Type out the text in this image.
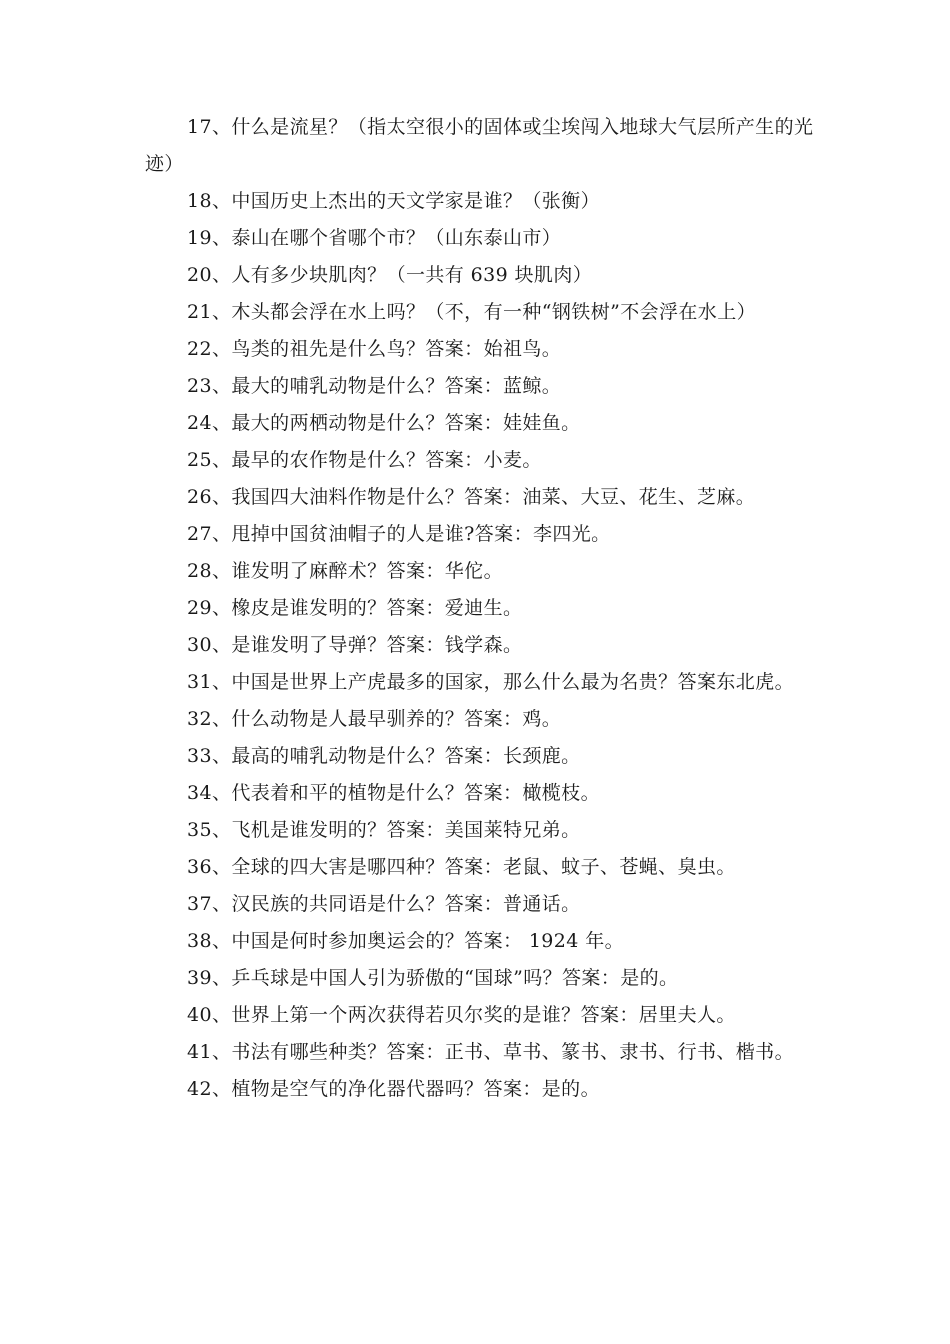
17、什么是流星？（指太空很小的固体或尘埃闯入地球大气层所产生的光迹）

18、中国历史上杰出的天文学家是谁？（张衡）

19、泰山在哪个省哪个市？（山东泰山市）

20、人有多少块肌肉？（一共有 639 块肌肉）

21、木头都会浮在水上吗？（不，有一种“钢铁树”不会浮在水上）

22、鸟类的祖先是什么鸟？答案：始祖鸟。

23、最大的哺乳动物是什么？答案：蓝鲸。

24、最大的两栖动物是什么？答案：娃娃鱼。

25、最早的农作物是什么？答案：小麦。

26、我国四大油料作物是什么？答案：油菜、大豆、花生、芝麻。

27、甩掉中国贫油帽子的人是谁?答案：李四光。

28、谁发明了麻醉术？答案：华佗。

29、橡皮是谁发明的？答案：爱迪生。

30、是谁发明了导弹？答案：钱学森。

31、中国是世界上产虎最多的国家，那么什么最为名贵？答案东北虎。

32、什么动物是人最早驯养的？答案：鸡。

33、最高的哺乳动物是什么？答案：长颈鹿。

34、代表着和平的植物是什么？答案：橄榄枝。

35、飞机是谁发明的？答案：美国莱特兄弟。

36、全球的四大害是哪四种？答案：老鼠、蚊子、苍蝇、臭虫。

37、汉民族的共同语是什么？答案：普通话。

38、中国是何时参加奥运会的？答案： 1924 年。

39、乒乓球是中国人引为骄傲的“国球”吗？答案：是的。

40、世界上第一个两次获得若贝尔奖的是谁？答案：居里夫人。

41、书法有哪些种类？答案：正书、草书、篆书、隶书、行书、楷书。

42、植物是空气的净化器代器吗？答案：是的。
